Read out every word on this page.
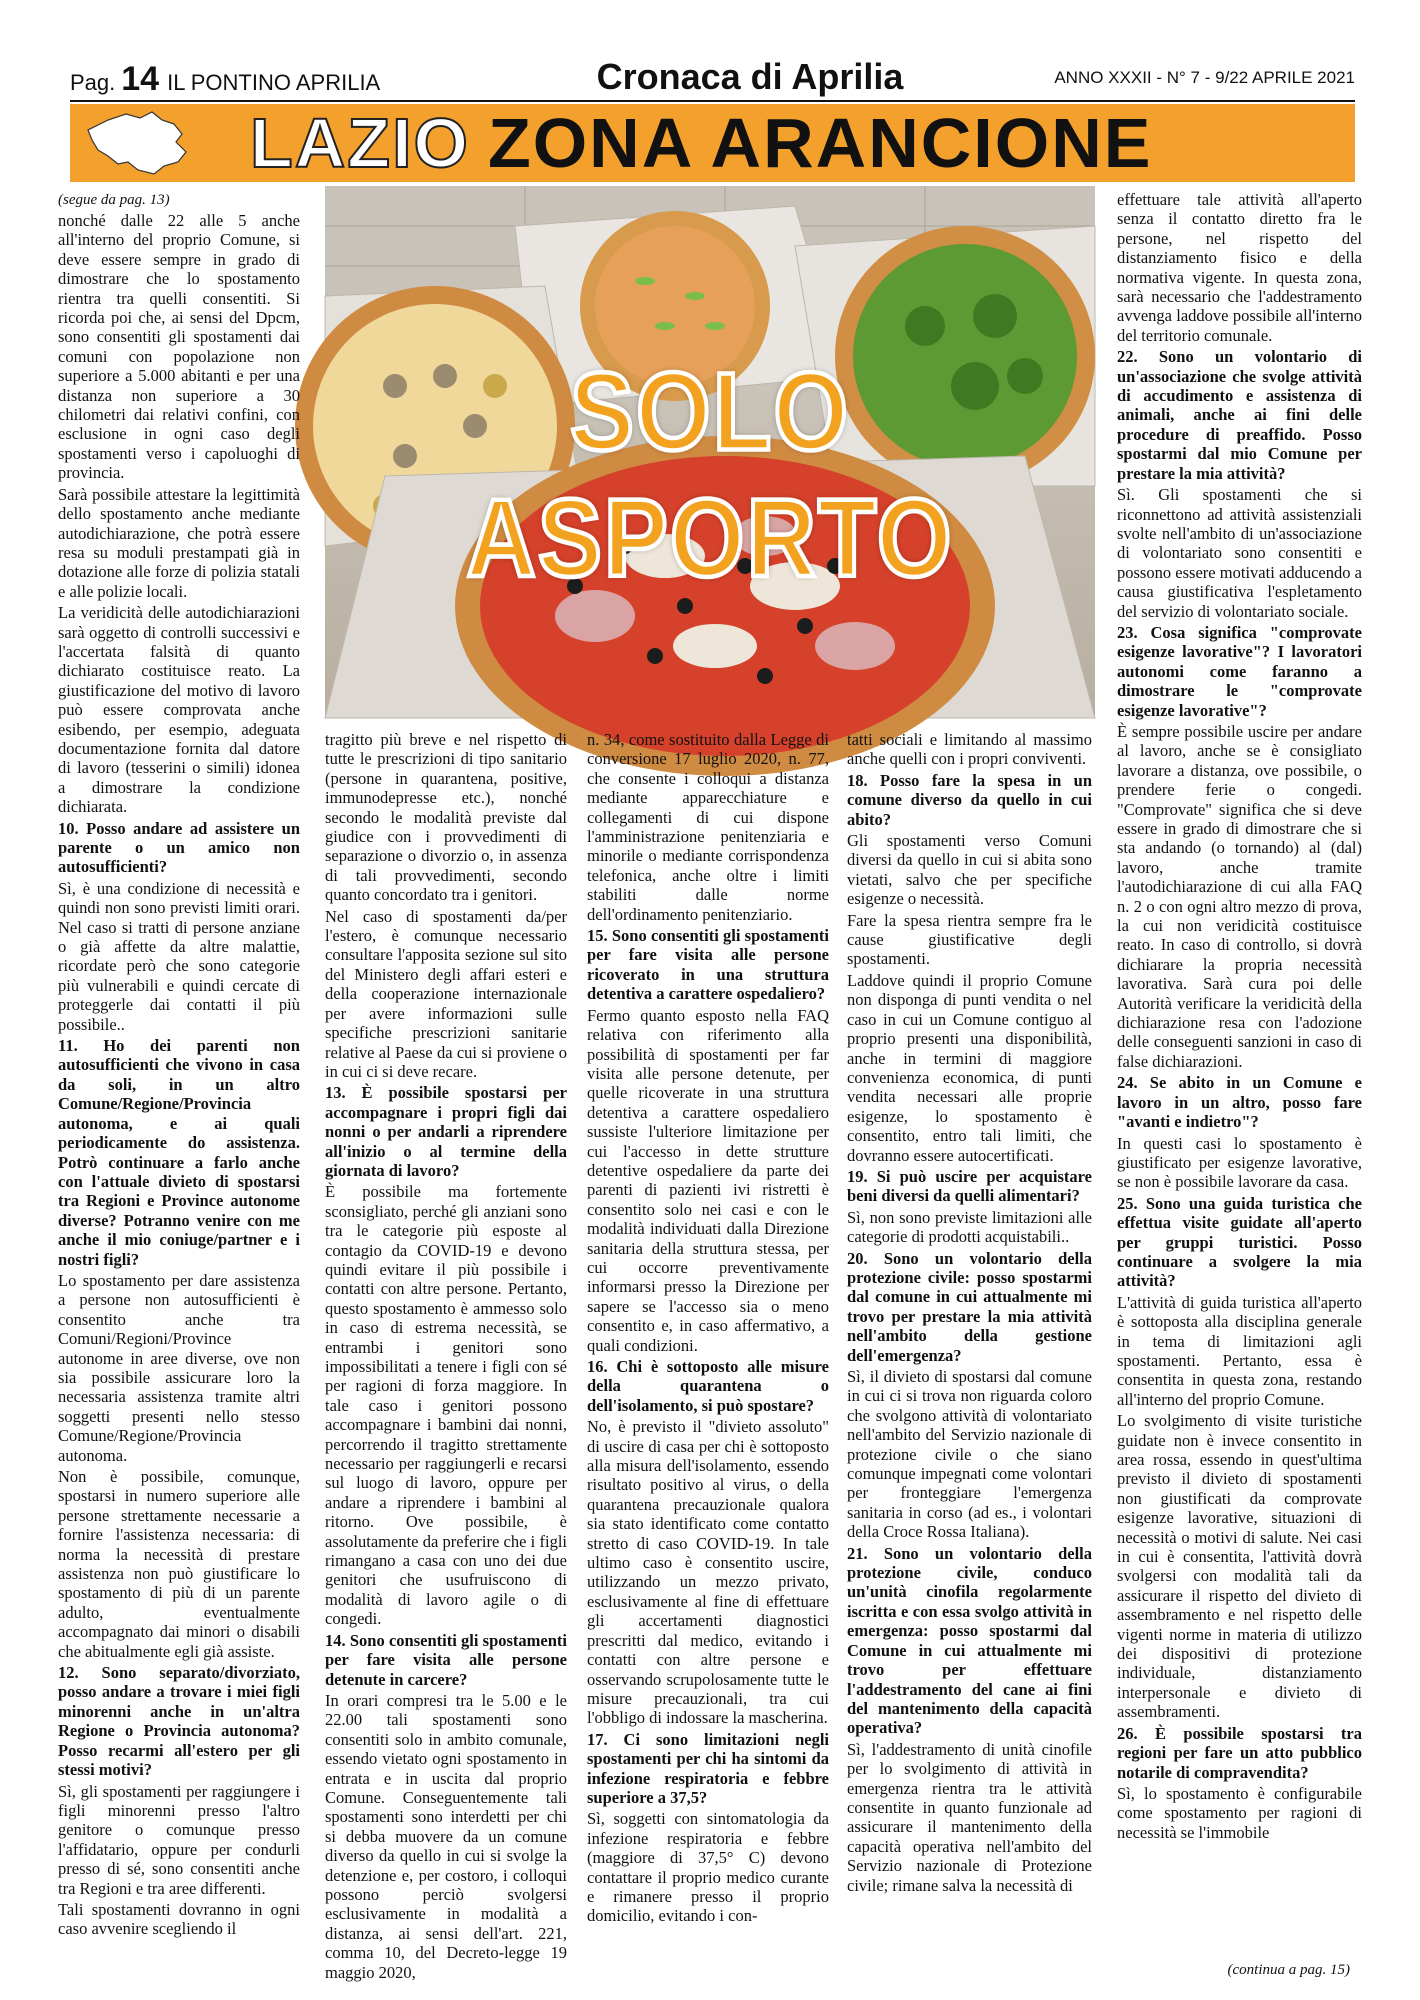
Pag. 14 IL PONTINO APRILIA	Cronaca di Aprilia	ANNO XXXII - N° 7 - 9/22 APRILE 2021
LAZIO ZONA ARANCIONE
(segue da pag. 13)
SOLO ASPORTO

nonché dalle 22 alle 5 anche all'interno del proprio Comune, si deve essere sempre in grado di dimostrare che lo spostamento rientra tra quelli consentiti. Si ricorda poi che, ai sensi del Dpcm, sono consentiti gli spostamenti dai comuni con popolazione non superiore a 5.000 abitanti e per una distanza non superiore a 30 chilometri dai relativi confini, con esclusione in ogni caso degli spostamenti verso i capoluoghi di provincia.

Sarà possibile attestare la legittimità dello spostamento anche mediante autodichiarazione, che potrà essere resa su moduli prestampati già in dotazione alle forze di polizia statali e alle polizie locali.

La veridicità delle autodichiarazioni sarà oggetto di controlli successivi e l'accertata falsità di quanto dichiarato costituisce reato. La giustificazione del motivo di lavoro può essere comprovata anche esibendo, per esempio, adeguata documentazione fornita dal datore di lavoro (tesserini o simili) idonea a dimostrare la condizione dichiarata.

10. Posso andare ad assistere un parente o un amico non autosufficienti?

Sì, è una condizione di necessità e quindi non sono previsti limiti orari. Nel caso si tratti di persone anziane o già affette da altre malattie, ricordate però che sono categorie più vulnerabili e quindi cercate di proteggerle dai contatti il più possibile..

11. Ho dei parenti non autosufficienti che vivono in casa da soli, in un altro Comune/Regione/Provincia autonoma, e ai quali periodicamente do assistenza. Potrò continuare a farlo anche con l'attuale divieto di spostarsi tra Regioni e Province autonome diverse? Potranno venire con me anche il mio coniuge/partner e i nostri figli?

Lo spostamento per dare assistenza a persone non autosufficienti è consentito anche tra Comuni/Regioni/Province autonome in aree diverse, ove non sia possibile assicurare loro la necessaria assistenza tramite altri soggetti presenti nello stesso Comune/Regione/Provincia autonoma.

Non è possibile, comunque, spostarsi in numero superiore alle persone strettamente necessarie a fornire l'assistenza necessaria: di norma la necessità di prestare assistenza non può giustificare lo spostamento di più di un parente adulto, eventualmente accompagnato dai minori o disabili che abitualmente egli già assiste.

12. Sono separato/divorziato, posso andare a trovare i miei figli minorenni anche in un'altra Regione o Provincia autonoma? Posso recarmi all'estero per gli stessi motivi?

Sì, gli spostamenti per raggiungere i figli minorenni presso l'altro genitore o comunque presso l'affidatario, oppure per condurli presso di sé, sono consentiti anche tra Regioni e tra aree differenti.

Tali spostamenti dovranno in ogni caso avvenire scegliendo il

tragitto più breve e nel rispetto di tutte le prescrizioni di tipo sanitario (persone in quarantena, positive, immunodepresse etc.), nonché secondo le modalità previste dal giudice con i provvedimenti di separazione o divorzio o, in assenza di tali provvedimenti, secondo quanto concordato tra i genitori.

Nel caso di spostamenti da/per l'estero, è comunque necessario consultare l'apposita sezione sul sito del Ministero degli affari esteri e della cooperazione internazionale per avere informazioni sulle specifiche prescrizioni sanitarie relative al Paese da cui si proviene o in cui ci si deve recare.

13. È possibile spostarsi per accompagnare i propri figli dai nonni o per andarli a riprendere all'inizio o al termine della giornata di lavoro?

È possibile ma fortemente sconsigliato, perché gli anziani sono tra le categorie più esposte al contagio da COVID-19 e devono quindi evitare il più possibile i contatti con altre persone. Pertanto, questo spostamento è ammesso solo in caso di estrema necessità, se entrambi i genitori sono impossibilitati a tenere i figli con sé per ragioni di forza maggiore. In tale caso i genitori possono accompagnare i bambini dai nonni, percorrendo il tragitto strettamente necessario per raggiungerli e recarsi sul luogo di lavoro, oppure per andare a riprendere i bambini al ritorno. Ove possibile, è assolutamente da preferire che i figli rimangano a casa con uno dei due genitori che usufruiscono di modalità di lavoro agile o di congedi.

14. Sono consentiti gli spostamenti per fare visita alle persone detenute in carcere?

In orari compresi tra le 5.00 e le 22.00 tali spostamenti sono consentiti solo in ambito comunale, essendo vietato ogni spostamento in entrata e in uscita dal proprio Comune. Conseguentemente tali spostamenti sono interdetti per chi si debba muovere da un comune diverso da quello in cui si svolge la detenzione e, per costoro, i colloqui possono perciò svolgersi esclusivamente in modalità a distanza, ai sensi dell'art. 221, comma 10, del Decreto-legge 19 maggio 2020,

n. 34, come sostituito dalla Legge di conversione 17 luglio 2020, n. 77, che consente i colloqui a distanza mediante apparecchiature e collegamenti di cui dispone l'amministrazione penitenziaria e minorile o mediante corrispondenza telefonica, anche oltre i limiti stabiliti dalle norme dell'ordinamento penitenziario.

15. Sono consentiti gli spostamenti per fare visita alle persone ricoverato in una struttura detentiva a carattere ospedaliero?

Fermo quanto esposto nella FAQ relativa con riferimento alla possibilità di spostamenti per far visita alle persone detenute, per quelle ricoverate in una struttura detentiva a carattere ospedaliero sussiste l'ulteriore limitazione per cui l'accesso in dette strutture detentive ospedaliere da parte dei parenti di pazienti ivi ristretti è consentito solo nei casi e con le modalità individuati dalla Direzione sanitaria della struttura stessa, per cui occorre preventivamente informarsi presso la Direzione per sapere se l'accesso sia o meno consentito e, in caso affermativo, a quali condizioni.

16. Chi è sottoposto alle misure della quarantena o dell'isolamento, si può spostare?

No, è previsto il "divieto assoluto" di uscire di casa per chi è sottoposto alla misura dell'isolamento, essendo risultato positivo al virus, o della quarantena precauzionale qualora sia stato identificato come contatto stretto di caso COVID-19. In tale ultimo caso è consentito uscire, utilizzando un mezzo privato, esclusivamente al fine di effettuare gli accertamenti diagnostici prescritti dal medico, evitando i contatti con altre persone e osservando scrupolosamente tutte le misure precauzionali, tra cui l'obbligo di indossare la mascherina.

17. Ci sono limitazioni negli spostamenti per chi ha sintomi da infezione respiratoria e febbre superiore a 37,5?

Sì, soggetti con sintomatologia da infezione respiratoria e febbre (maggiore di 37,5° C) devono contattare il proprio medico curante e rimanere presso il proprio domicilio, evitando i con-

tatti sociali e limitando al massimo anche quelli con i propri conviventi.

18. Posso fare la spesa in un comune diverso da quello in cui abito?

Gli spostamenti verso Comuni diversi da quello in cui si abita sono vietati, salvo che per specifiche esigenze o necessità.

Fare la spesa rientra sempre fra le cause giustificative degli spostamenti.

Laddove quindi il proprio Comune non disponga di punti vendita o nel caso in cui un Comune contiguo al proprio presenti una disponibilità, anche in termini di maggiore convenienza economica, di punti vendita necessari alle proprie esigenze, lo spostamento è consentito, entro tali limiti, che dovranno essere autocertificati.

19. Si può uscire per acquistare beni diversi da quelli alimentari?

Sì, non sono previste limitazioni alle categorie di prodotti acquistabili..

20. Sono un volontario della protezione civile: posso spostarmi dal comune in cui attualmente mi trovo per prestare la mia attività nell'ambito della gestione dell'emergenza?

Sì, il divieto di spostarsi dal comune in cui ci si trova non riguarda coloro che svolgono attività di volontariato nell'ambito del Servizio nazionale di protezione civile o che siano comunque impegnati come volontari per fronteggiare l'emergenza sanitaria in corso (ad es., i volontari della Croce Rossa Italiana).

21. Sono un volontario della protezione civile, conduco un'unità cinofila regolarmente iscritta e con essa svolgo attività in emergenza: posso spostarmi dal Comune in cui attualmente mi trovo per effettuare l'addestramento del cane ai fini del mantenimento della capacità operativa?

Sì, l'addestramento di unità cinofile per lo svolgimento di attività in emergenza rientra tra le attività consentite in quanto funzionale ad assicurare il mantenimento della capacità operativa nell'ambito del Servizio nazionale di Protezione civile; rimane salva la necessità di

effettuare tale attività all'aperto senza il contatto diretto fra le persone, nel rispetto del distanziamento fisico e della normativa vigente. In questa zona, sarà necessario che l'addestramento avvenga laddove possibile all'interno del territorio comunale.

22. Sono un volontario di un'associazione che svolge attività di accudimento e assistenza di animali, anche ai fini delle procedure di preaffido. Posso spostarmi dal mio Comune per prestare la mia attività?

Sì. Gli spostamenti che si riconnettono ad attività assistenziali svolte nell'ambito di un'associazione di volontariato sono consentiti e possono essere motivati adducendo a causa giustificativa l'espletamento del servizio di volontariato sociale.

23. Cosa significa "comprovate esigenze lavorative"? I lavoratori autonomi come faranno a dimostrare le "comprovate esigenze lavorative"?

È sempre possibile uscire per andare al lavoro, anche se è consigliato lavorare a distanza, ove possibile, o prendere ferie o congedi. "Comprovate" significa che si deve essere in grado di dimostrare che si sta andando (o tornando) al (dal) lavoro, anche tramite l'autodichiarazione di cui alla FAQ n. 2 o con ogni altro mezzo di prova, la cui non veridicità costituisce reato. In caso di controllo, si dovrà dichiarare la propria necessità lavorativa. Sarà cura poi delle Autorità verificare la veridicità della dichiarazione resa con l'adozione delle conseguenti sanzioni in caso di false dichiarazioni.

24. Se abito in un Comune e lavoro in un altro, posso fare "avanti e indietro"?

In questi casi lo spostamento è giustificato per esigenze lavorative, se non è possibile lavorare da casa.

25. Sono una guida turistica che effettua visite guidate all'aperto per gruppi turistici. Posso continuare a svolgere la mia attività?

L'attività di guida turistica all'aperto è sottoposta alla disciplina generale in tema di limitazioni agli spostamenti. Pertanto, essa è consentita in questa zona, restando all'interno del proprio Comune.

Lo svolgimento di visite turistiche guidate non è invece consentito in area rossa, essendo in quest'ultima previsto il divieto di spostamenti non giustificati da comprovate esigenze lavorative, situazioni di necessità o motivi di salute. Nei casi in cui è consentita, l'attività dovrà svolgersi con modalità tali da assicurare il rispetto del divieto di assembramento e nel rispetto delle vigenti norme in materia di utilizzo dei dispositivi di protezione individuale, distanziamento interpersonale e divieto di assembramenti.

26. È possibile spostarsi tra regioni per fare un atto pubblico notarile di compravendita?

Sì, lo spostamento è configurabile come spostamento per ragioni di necessità se l'immobile

(continua a pag. 15)
